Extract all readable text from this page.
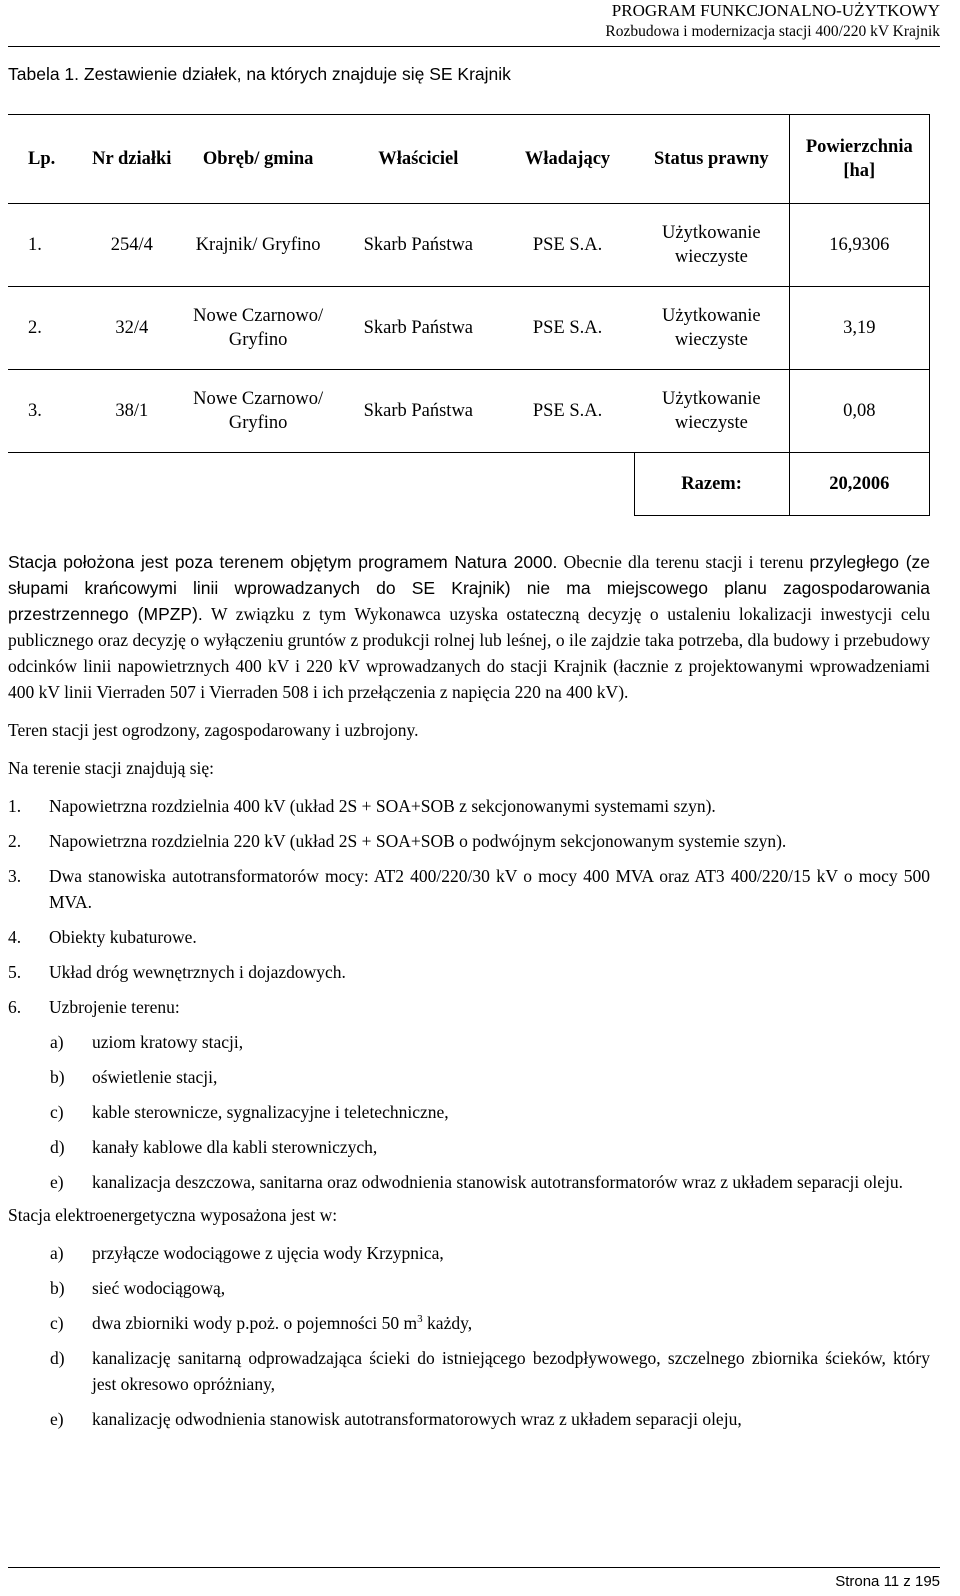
PROGRAM FUNKCJONALNO-UŻYTKOWY
Rozbudowa i modernizacja stacji 400/220 kV Krajnik
Tabela 1. Zestawienie działek, na których znajduje się SE Krajnik
Lp.	Nr działki	Obręb/ gmina	Właściciel	Władający	Status prawny	Powierzchnia [ha]
1.	254/4	Krajnik/ Gryfino	Skarb Państwa	PSE S.A.	Użytkowanie wieczyste	16,9306
2.	32/4	Nowe Czarnowo/ Gryfino	Skarb Państwa	PSE S.A.	Użytkowanie wieczyste	3,19
3.	38/1	Nowe Czarnowo/ Gryfino	Skarb Państwa	PSE S.A.	Użytkowanie wieczyste	0,08
					Razem:	20,2006

Stacja położona jest poza terenem objętym programem Natura 2000. Obecnie dla terenu stacji i terenu przyległego (ze słupami krańcowymi linii wprowadzanych do SE Krajnik) nie ma miejscowego planu zagospodarowania przestrzennego (MPZP). W związku z tym Wykonawca uzyska ostateczną decyzję o ustaleniu lokalizacji inwestycji celu publicznego oraz decyzję o wyłączeniu gruntów z produkcji rolnej lub leśnej, o ile zajdzie taka potrzeba, dla budowy i przebudowy odcinków linii napowietrznych 400 kV i 220 kV wprowadzanych do stacji Krajnik (łacznie z projektowanymi wprowadzeniami 400 kV linii Vierraden 507 i Vierraden 508 i ich przełączenia z napięcia 220 na 400 kV).

Teren stacji jest ogrodzony, zagospodarowany i uzbrojony.

Na terenie stacji znajdują się:

1. Napowietrzna rozdzielnia 400 kV (układ 2S + SOA+SOB z sekcjonowanymi systemami szyn).
2. Napowietrzna rozdzielnia 220 kV (układ 2S + SOA+SOB o podwójnym sekcjonowanym systemie szyn).
3. Dwa stanowiska autotransformatorów mocy: AT2 400/220/30 kV o mocy 400 MVA oraz AT3 400/220/15 kV o mocy 500 MVA.
4. Obiekty kubaturowe.
5. Układ dróg wewnętrznych i dojazdowych.
6. Uzbrojenie terenu:
a) uziom kratowy stacji,
b) oświetlenie stacji,
c) kable sterownicze, sygnalizacyjne i teletechniczne,
d) kanały kablowe dla kabli sterowniczych,
e) kanalizacja deszczowa, sanitarna oraz odwodnienia stanowisk autotransformatorów wraz z układem separacji oleju.

Stacja elektroenergetyczna wyposażona jest w:

a) przyłącze wodociągowe z ujęcia wody Krzypnica,
b) sieć wodociągową,
c) dwa zbiorniki wody p.poż. o pojemności 50 $m^3$ każdy,
d) kanalizację sanitarną odprowadzająca ścieki do istniejącego bezodpływowego, szczelnego zbiornika ścieków, który jest okresowo opróżniany,
e) kanalizację odwodnienia stanowisk autotransformatorowych wraz z układem separacji oleju,
Strona 11 z 195
